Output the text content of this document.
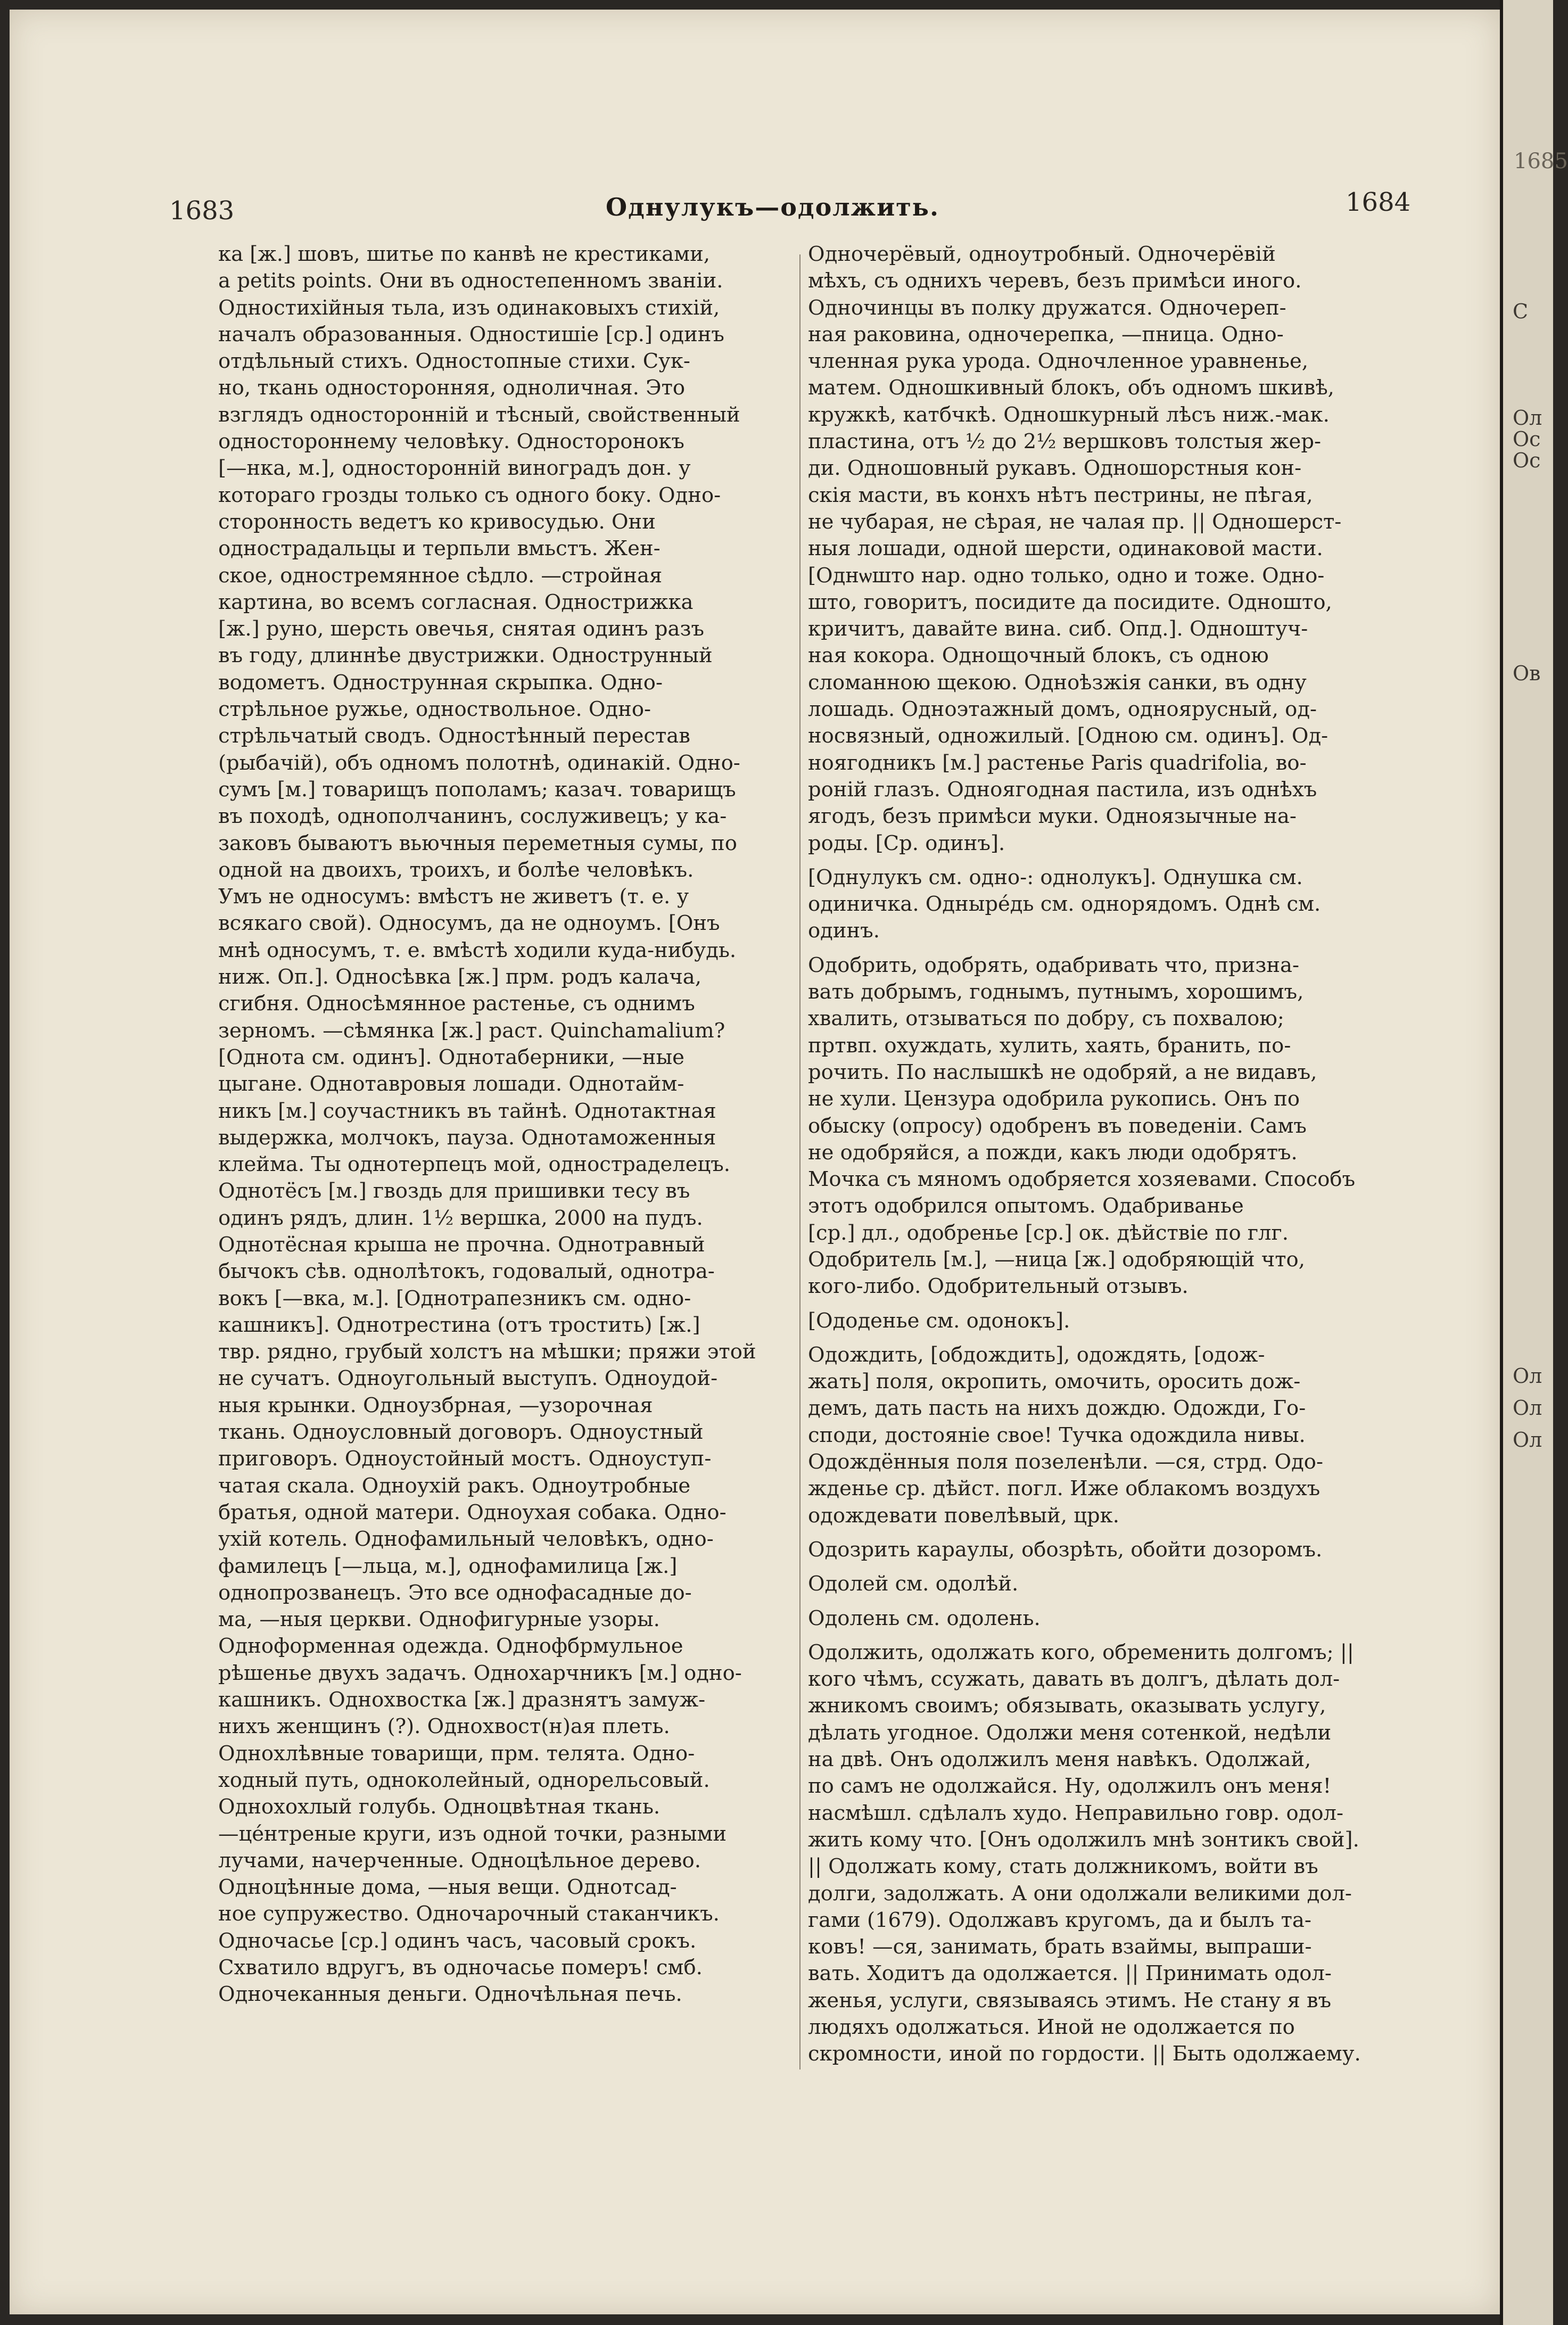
1683	Однулукъ—одолжить.	1684
ка [ж.] шовъ, шитье по канвѣ не крестиками,
а petits points. Они въ одностепенномъ званіи.
Одностихійныя тьла, изъ одинаковыхъ стихій,
началъ образованныя. Одностишіе [ср.] одинъ
отдѣльный стихъ. Одностопные стихи. Сук-
но, ткань односторонняя, одноличная. Это
взглядъ односторонній и тѣсный, свойственный
одностороннему человѣку. Односторонокъ
[—нка, м.], односторонній виноградъ дон. у
котораго грозды только съ одного боку. Одно-
сторонность ведетъ ко кривосудью. Они
однострадальцы и терпьли вмьстъ. Жен-
ское, одностремянное сѣдло. —стройная
картина, во всемъ согласная. Однострижка
[ж.] руно, шерсть овечья, снятая одинъ разъ
въ году, длиннѣе двустрижки. Однострунный
водометъ. Однострунная скрыпка. Одно-
стрѣльное ружье, одноствольное. Одно-
стрѣльчатый сводъ. Одностѣнный перестав
(рыбачій), объ одномъ полотнѣ, одинакій. Одно-
сумъ [м.] товарищъ пополамъ; казач. товарищъ
въ походѣ, однополчанинъ, сослуживецъ; у ка-
заковъ бываютъ вьючныя переметныя сумы, по
одной на двоихъ, троихъ, и болѣе человѣкъ.
Умъ не односумъ: вмѣстъ не живетъ (т. е. у
всякаго свой). Односумъ, да не одноумъ. [Онъ
мнѣ односумъ, т. е. вмѣстѣ ходили куда-нибудь.
ниж. Оп.]. Односѣвка [ж.] прм. родъ калача,
сгибня. Односѣмянное растенье, съ однимъ
зерномъ. —сѣмянка [ж.] раст. Quinchamalium?
[Однота см. одинъ]. Однотаберники, —ные
цыгане. Однотавровыя лошади. Однотайм-
никъ [м.] соучастникъ въ тайнѣ. Однотактная
выдержка, молчокъ, пауза. Однотаможенныя
клейма. Ты однотерпецъ мой, одностраделецъ.
Однотёсъ [м.] гвоздь для пришивки тесу въ
одинъ рядъ, длин. 1½ вершка, 2000 на пудъ.
Однотёсная крыша не прочна. Однотравный
бычокъ сѣв. однолѣтокъ, годовалый, однотра-
вокъ [—вка, м.]. [Однотрапезникъ см. одно-
кашникъ]. Однотрестина (отъ тростить) [ж.]
твр. рядно, грубый холстъ на мѣшки; пряжи этой
не сучатъ. Одноугольный выступъ. Одноудой-
ныя крынки. Одноузбрная, —узорочная
ткань. Одноусловный договоръ. Одноустный
приговоръ. Одноустойный мостъ. Одноуступ-
чатая скала. Одноухій ракъ. Одноутробные
братья, одной матери. Одноухая собака. Одно-
ухій котель. Однофамильный человѣкъ, одно-
фамилецъ [—льца, м.], однофамилица [ж.]
однопрозванецъ. Это все однофасадные до-
ма, —ныя церкви. Однофигурные узоры.
Одноформенная одежда. Однофбрмульное
рѣшенье двухъ задачъ. Однохарчникъ [м.] одно-
кашникъ. Однохвостка [ж.] дразнятъ замуж-
нихъ женщинъ (?). Однохвост(н)ая плеть.
Однохлѣвные товарищи, прм. телята. Одно-
ходный путь, одноколейный, однорельсовый.
Однохохлый голубь. Одноцвѣтная ткань.
—цéнтреные круги, изъ одной точки, разными
лучами, начерченные. Одноцѣльное дерево.
Одноцѣнные дома, —ныя вещи. Однотсад-
ное супружество. Одночарочный стаканчикъ.
Одночасье [ср.] одинъ часъ, часовый срокъ.
Схватило вдругъ, въ одночасье померъ! смб.
Одночеканныя деньги. Одночѣльная печь.
Одночерёвый, одноутробный. Одночерёвій
мѣхъ, съ однихъ черевъ, безъ примѣси иного.
Одночинцы въ полку дружатся. Одночереп-
ная раковина, одночерепка, —пница. Одно-
членная рука урода. Одночленное уравненье,
матем. Одношкивный блокъ, объ одномъ шкивѣ,
кружкѣ, катбчкѣ. Одношкурный лѣсъ ниж.-мак.
пластина, отъ ½ до 2½ вершковъ толстыя жер-
ди. Одношовный рукавъ. Одношорстныя кон-
скія масти, въ конхъ нѣтъ пестрины, не пѣгая,
не чубарая, не сѣрая, не чалая пр. || Одношерст-
ныя лошади, одной шерсти, одинаковой масти.
[Однѡшто нар. одно только, одно и тоже. Одно-
што, говоритъ, посидите да посидите. Одношто,
кричитъ, давайте вина. сиб. Опд.]. Одноштуч-
ная кокора. Однощочный блокъ, съ одною
сломанною щекою. Одноѣзжія санки, въ одну
лошадь. Одноэтажный домъ, одноярусный, од-
носвязный, одножилый. [Одною см. одинъ]. Од-
ноягодникъ [м.] растенье Paris quadrifolia, во-
роній глазъ. Одноягодная пастила, изъ однѣхъ
ягодъ, безъ примѣси муки. Одноязычные на-
роды. [Ср. одинъ].
[Однулукъ см. одно-: однолукъ]. Однушка см.
одиничка. Однырéдь см. однорядомъ. Однѣ см.
одинъ.
Одобрить, одобрять, одабривать что, призна-
вать добрымъ, годнымъ, путнымъ, хорошимъ,
хвалить, отзываться по добру, съ похвалою;
пртвп. охуждать, хулить, хаять, бранить, по-
рочить. По наслышкѣ не одобряй, а не видавъ,
не хули. Цензура одобрила рукопись. Онъ по
обыску (опросу) одобренъ въ поведеніи. Самъ
не одобряйся, а пожди, какъ люди одобрятъ.
Мочка съ мяномъ одобряется хозяевами. Способъ
этотъ одобрился опытомъ. Одабриванье
[ср.] дл., одобренье [ср.] ок. дѣйствіе по глг.
Одобритель [м.], —ница [ж.] одобряющій что,
кого-либо. Одобрительный отзывъ.
[Ододенье см. одонокъ].
Одождить, [обдождить], одождять, [одож-
жать] поля, окропить, омочить, оросить дож-
демъ, дать пасть на нихъ дождю. Одожди, Го-
споди, достояніе свое! Тучка одождила нивы.
Одождённыя поля позеленѣли. —ся, стрд. Одо-
жденье ср. дѣйст. погл. Иже облакомъ воздухъ
одождевати повелѣвый, црк.
Одозрить караулы, обозрѣть, обойти дозоромъ.
Одолей см. одолѣй.
Одолень см. одолень.
Одолжить, одолжать кого, обременить долгомъ; ||
кого чѣмъ, ссужать, давать въ долгъ, дѣлать дол-
жникомъ своимъ; обязывать, оказывать услугу,
дѣлать угодное. Одолжи меня сотенкой, недѣли
на двѣ. Онъ одолжилъ меня навѣкъ. Одолжай,
по самъ не одолжайся. Ну, одолжилъ онъ меня!
насмѣшл. сдѣлалъ худо. Неправильно говр. одол-
жить кому что. [Онъ одолжилъ мнѣ зонтикъ свой].
|| Одолжать кому, стать должникомъ, войти въ
долги, задолжать. А они одолжали великими дол-
гами (1679). Одолжавъ кругомъ, да и былъ та-
ковъ! —ся, занимать, брать взаймы, выпраши-
вать. Ходитъ да одолжается. || Принимать одол-
женья, услуги, связываясь этимъ. Не стану я въ
людяхъ одолжаться. Иной не одолжается по
скромности, иной по гордости. || Быть одолжаему.
1685
С
Ол
Ос
Ос
Ов
Ол
Ол
Ол
